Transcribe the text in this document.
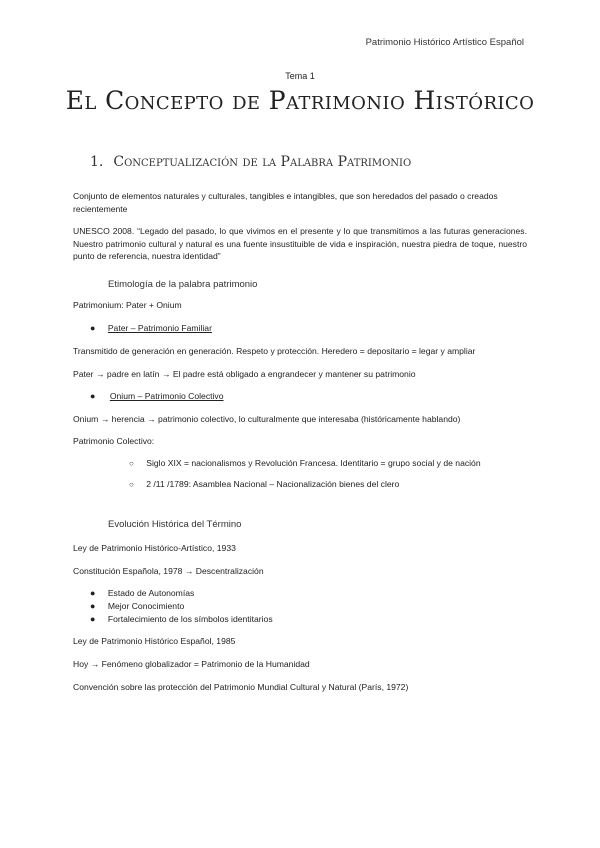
Patrimonio Histórico Artístico Español
Tema 1
El Concepto de Patrimonio Histórico
1. Conceptualización de la Palabra Patrimonio
Conjunto de elementos naturales y culturales, tangibles e intangibles, que son heredados del pasado o creados recientemente
UNESCO 2008. “Legado del pasado, lo que vivimos en el presente y lo que transmitimos a las futuras generaciones. Nuestro patrimonio cultural y natural es una fuente insustituible de vida e inspiración, nuestra piedra de toque, nuestro punto de referencia, nuestra identidad”
Etimología de la palabra patrimonio
Patrimonium: Pater + Onium
● Pater – Patrimonio Familiar
Transmitido de generación en generación. Respeto y protección. Heredero = depositario = legar y ampliar
Pater → padre en latín → El padre está obligado a engrandecer y mantener su patrimonio
● Onium – Patrimonio Colectivo
Onium → herencia → patrimonio colectivo, lo culturalmente que interesaba (históricamente hablando)
Patrimonio Colectivo:
○ Siglo XIX = nacionalismos y Revolución Francesa. Identitario = grupo social y de nación
○ 2 /11 /1789: Asamblea Nacional – Nacionalización bienes del clero
Evolución Histórica del Término
Ley de Patrimonio Histórico-Artístico, 1933
Constitución Española, 1978 → Descentralización
● Estado de Autonomías
● Mejor Conocimiento
● Fortalecimiento de los símbolos identitarios
Ley de Patrimonio Histórico Español, 1985
Hoy → Fenómeno globalizador = Patrimonio de la Humanidad
Convención sobre las protección del Patrimonio Mundial Cultural y Natural (París, 1972)
